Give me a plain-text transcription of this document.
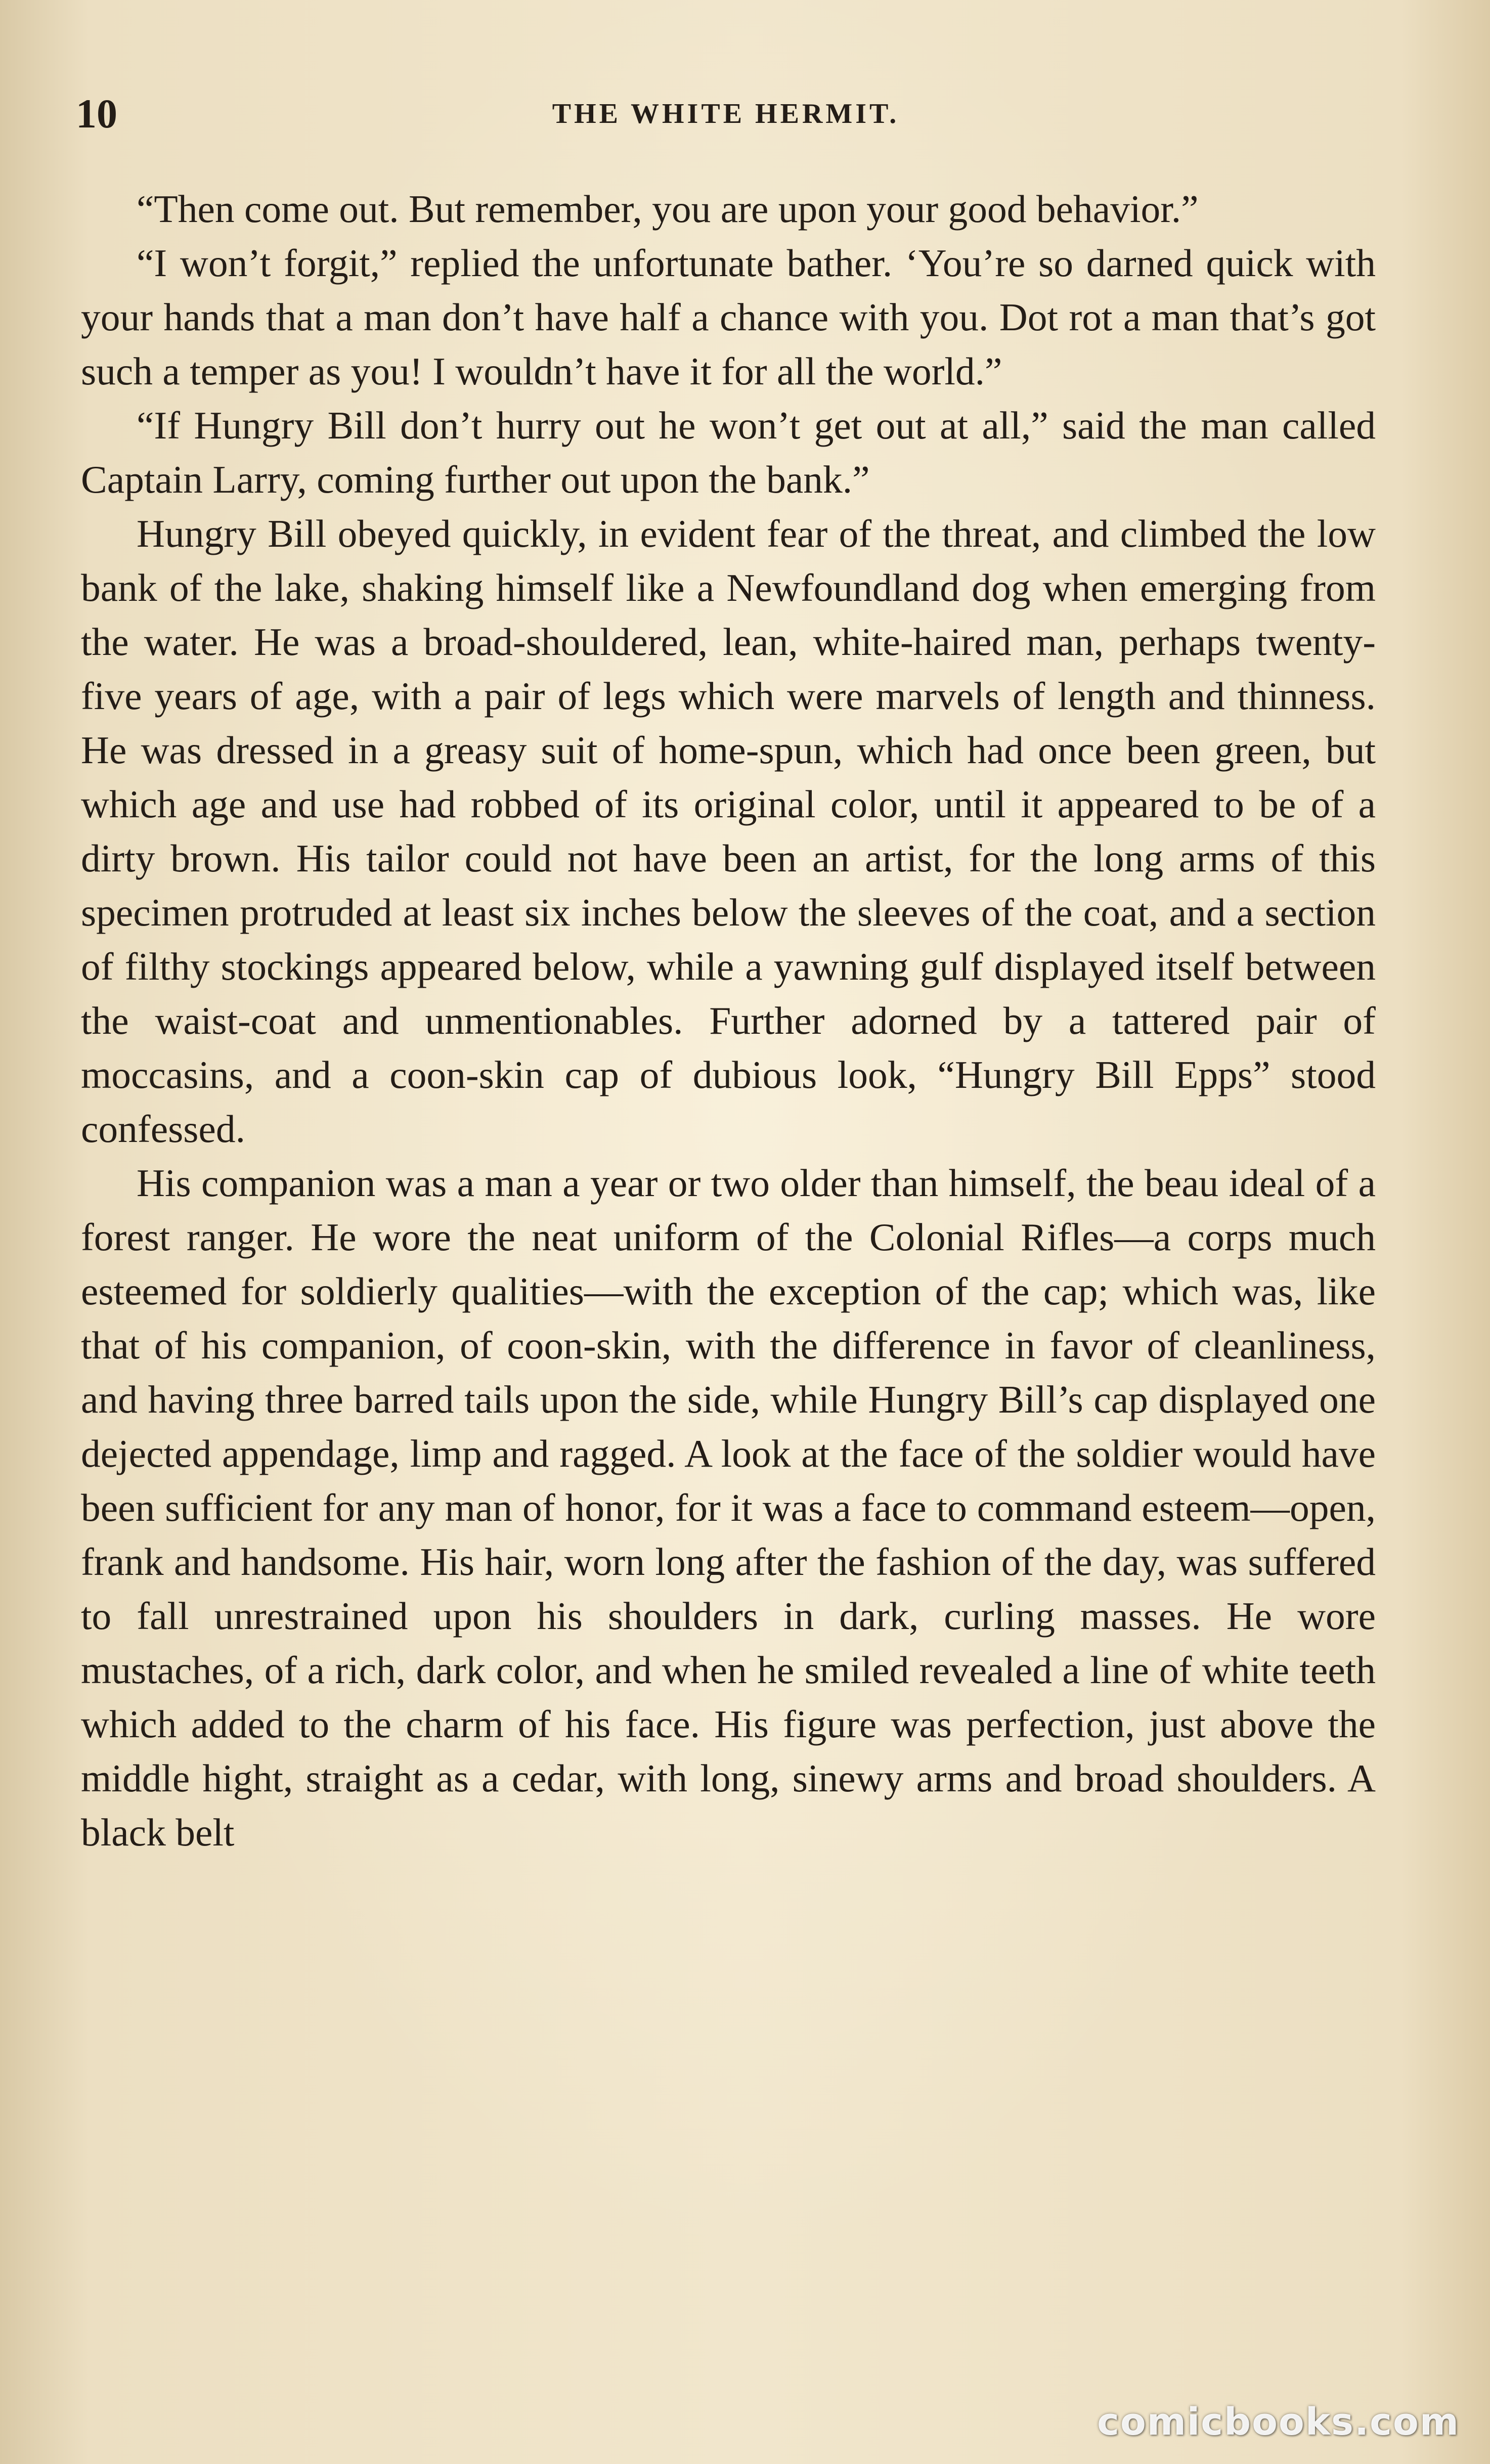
10	THE WHITE HERMIT.

“Then come out. But remember, you are upon your good behavior.”

“I won’t forgit,” replied the unfortunate bather. ‘You’re so darned quick with your hands that a man don’t have half a chance with you. Dot rot a man that’s got such a temper as you! I wouldn’t have it for all the world.”

“If Hungry Bill don’t hurry out he won’t get out at all,” said the man called Captain Larry, coming further out upon the bank.”

Hungry Bill obeyed quickly, in evident fear of the threat, and climbed the low bank of the lake, shaking himself like a Newfoundland dog when emerging from the water. He was a broad-shouldered, lean, white-haired man, perhaps twenty-five years of age, with a pair of legs which were marvels of length and thinness. He was dressed in a greasy suit of home-spun, which had once been green, but which age and use had robbed of its original color, until it appeared to be of a dirty brown. His tailor could not have been an artist, for the long arms of this specimen protruded at least six inches below the sleeves of the coat, and a section of filthy stockings appeared below, while a yawning gulf displayed itself between the waist-coat and unmentionables. Further adorned by a tattered pair of moccasins, and a coon-skin cap of dubious look, “Hungry Bill Epps” stood confessed.

His companion was a man a year or two older than himself, the beau ideal of a forest ranger. He wore the neat uniform of the Colonial Rifles—a corps much esteemed for soldierly qualities—with the exception of the cap; which was, like that of his companion, of coon-skin, with the difference in favor of cleanliness, and having three barred tails upon the side, while Hungry Bill’s cap displayed one dejected appendage, limp and ragged. A look at the face of the soldier would have been sufficient for any man of honor, for it was a face to command esteem—open, frank and handsome. His hair, worn long after the fashion of the day, was suffered to fall unrestrained upon his shoulders in dark, curling masses. He wore mustaches, of a rich, dark color, and when he smiled revealed a line of white teeth which added to the charm of his face. His figure was perfection, just above the middle hight, straight as a cedar, with long, sinewy arms and broad shoulders. A black belt

comicbooks.com
